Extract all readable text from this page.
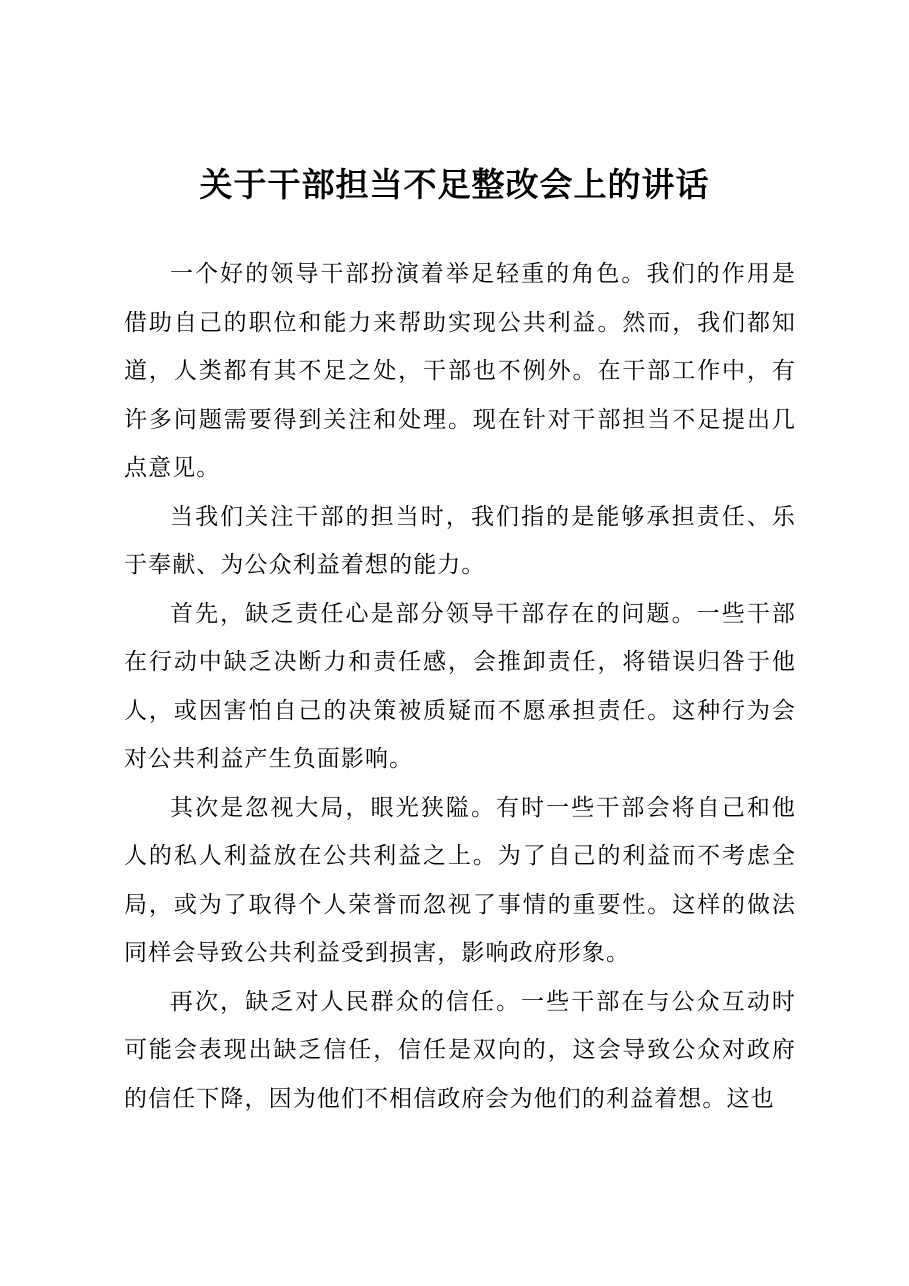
关于干部担当不足整改会上的讲话

一个好的领导干部扮演着举足轻重的角色。我们的作用是借助自己的职位和能力来帮助实现公共利益。然而，我们都知道，人类都有其不足之处，干部也不例外。在干部工作中，有许多问题需要得到关注和处理。现在针对干部担当不足提出几点意见。

当我们关注干部的担当时，我们指的是能够承担责任、乐于奉献、为公众利益着想的能力。

首先，缺乏责任心是部分领导干部存在的问题。一些干部在行动中缺乏决断力和责任感，会推卸责任，将错误归咎于他人，或因害怕自己的决策被质疑而不愿承担责任。这种行为会对公共利益产生负面影响。

其次是忽视大局，眼光狭隘。有时一些干部会将自己和他人的私人利益放在公共利益之上。为了自己的利益而不考虑全局，或为了取得个人荣誉而忽视了事情的重要性。这样的做法同样会导致公共利益受到损害，影响政府形象。

再次，缺乏对人民群众的信任。一些干部在与公众互动时可能会表现出缺乏信任，信任是双向的，这会导致公众对政府的信任下降，因为他们不相信政府会为他们的利益着想。这也
